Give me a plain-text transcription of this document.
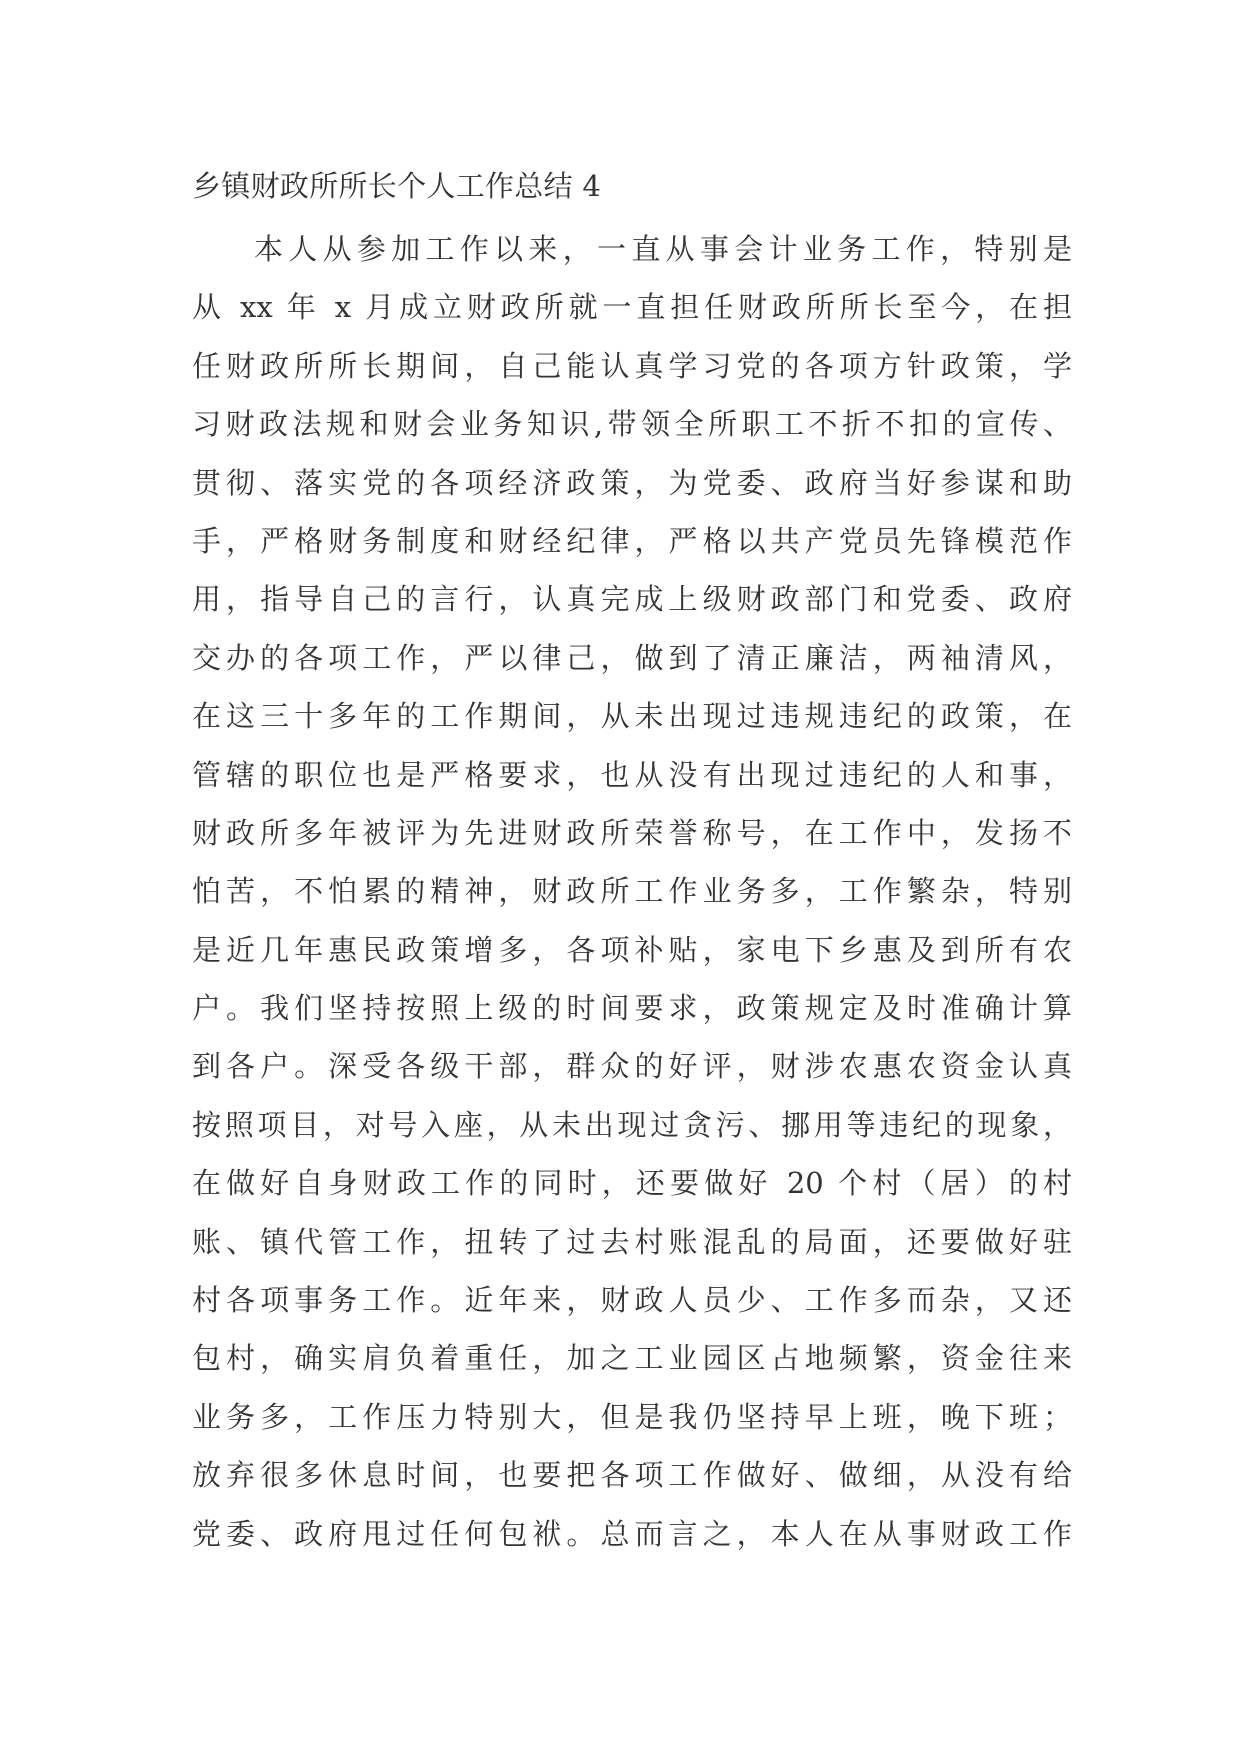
乡镇财政所所长个人工作总结 4
本人从参加工作以来，一直从事会计业务工作，特别是
从 xx 年 x 月成立财政所就一直担任财政所所长至今，在担
任财政所所长期间，自己能认真学习党的各项方针政策，学
习财政法规和财会业务知识,带领全所职工不折不扣的宣传、
贯彻、落实党的各项经济政策，为党委、政府当好参谋和助
手，严格财务制度和财经纪律，严格以共产党员先锋模范作
用，指导自己的言行，认真完成上级财政部门和党委、政府
交办的各项工作，严以律己，做到了清正廉洁，两袖清风，
在这三十多年的工作期间，从未出现过违规违纪的政策，在
管辖的职位也是严格要求，也从没有出现过违纪的人和事，
财政所多年被评为先进财政所荣誉称号，在工作中，发扬不
怕苦，不怕累的精神，财政所工作业务多，工作繁杂，特别
是近几年惠民政策增多，各项补贴，家电下乡惠及到所有农
户。我们坚持按照上级的时间要求，政策规定及时准确计算
到各户。深受各级干部，群众的好评，财涉农惠农资金认真
按照项目，对号入座，从未出现过贪污、挪用等违纪的现象，
在做好自身财政工作的同时，还要做好 20 个村（居）的村
账、镇代管工作，扭转了过去村账混乱的局面，还要做好驻
村各项事务工作。近年来，财政人员少、工作多而杂，又还
包村，确实肩负着重任，加之工业园区占地频繁，资金往来
业务多，工作压力特别大，但是我仍坚持早上班，晚下班；
放弃很多休息时间，也要把各项工作做好、做细，从没有给
党委、政府甩过任何包袱。总而言之，本人在从事财政工作
